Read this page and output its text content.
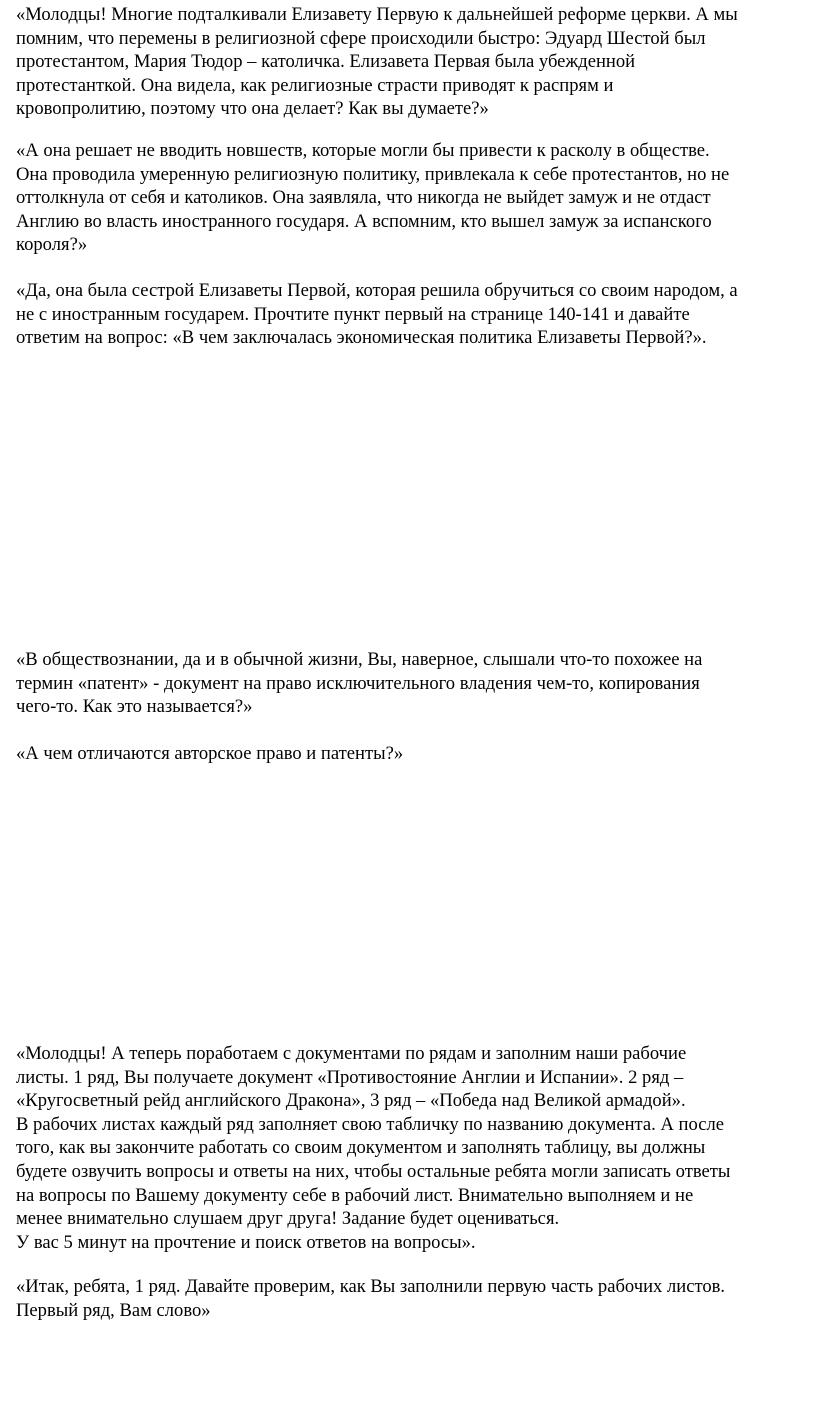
«Молодцы! Многие подталкивали Елизавету Первую к дальнейшей реформе церкви. А мы
помним, что перемены в религиозной сфере происходили быстро: Эдуард Шестой был
протестантом, Мария Тюдор – католичка. Елизавета Первая была убежденной
протестанткой. Она видела, как религиозные страсти приводят к распрям и
кровопролитию, поэтому что она делает? Как вы думаете?»
«А она решает не вводить новшеств, которые могли бы привести к расколу в обществе.
Она проводила умеренную религиозную политику, привлекала к себе протестантов, но не
оттолкнула от себя и католиков. Она заявляла, что никогда не выйдет замуж и не отдаст
Англию во власть иностранного государя. А вспомним, кто вышел замуж за испанского
короля?»
«Да, она была сестрой Елизаветы Первой, которая решила обручиться со своим народом, а
не с иностранным государем. Прочтите пункт первый на странице 140-141 и давайте
ответим на вопрос: «В чем заключалась экономическая политика Елизаветы Первой?».
«В обществознании, да и в обычной жизни, Вы, наверное, слышали что-то похожее на
термин «патент» - документ на право исключительного владения чем-то, копирования
чего-то. Как это называется?»
«А чем отличаются авторское право и патенты?»
«Молодцы! А теперь поработаем с документами по рядам и заполним наши рабочие
листы. 1 ряд, Вы получаете документ «Противостояние Англии и Испании». 2 ряд –
«Кругосветный рейд английского Дракона», 3 ряд – «Победа над Великой армадой».
В рабочих листах каждый ряд заполняет свою табличку по названию документа. А после
того, как вы закончите работать со своим документом и заполнять таблицу, вы должны
будете озвучить вопросы и ответы на них, чтобы остальные ребята могли записать ответы
на вопросы по Вашему документу себе в рабочий лист. Внимательно выполняем и не
менее внимательно слушаем друг друга! Задание будет оцениваться.
У вас 5 минут на прочтение и поиск ответов на вопросы».
«Итак, ребята, 1 ряд. Давайте проверим, как Вы заполнили первую часть рабочих листов.
Первый ряд, Вам слово»
